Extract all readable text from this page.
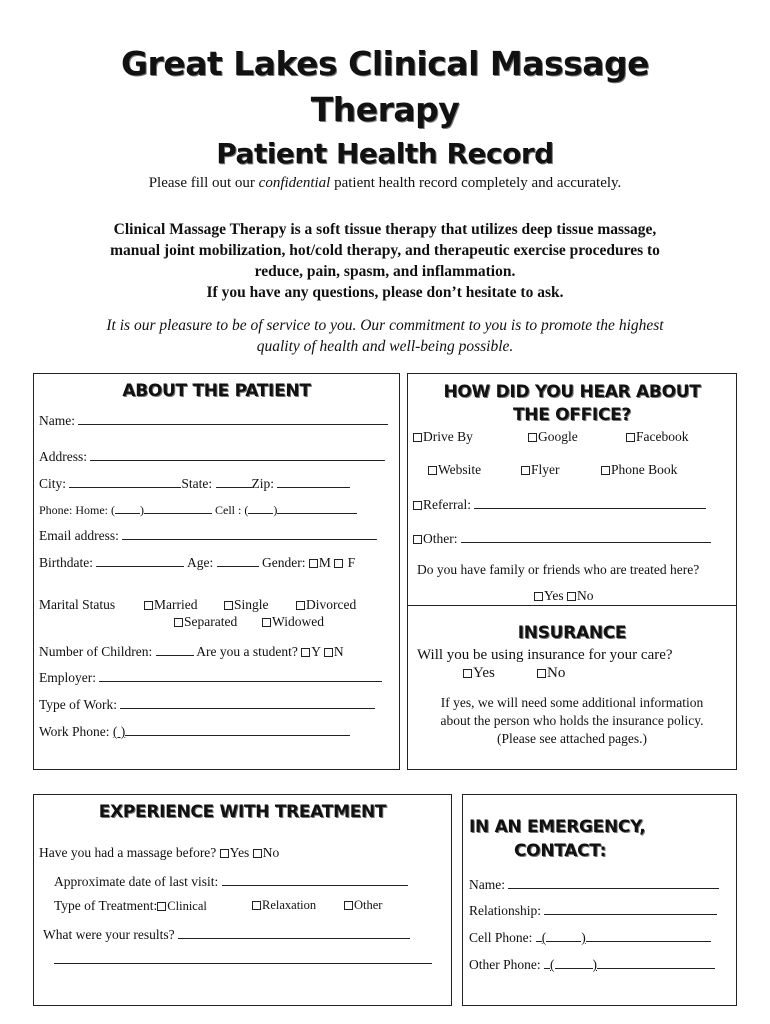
Great Lakes Clinical Massage
Therapy
Patient Health Record
Please fill out our confidential patient health record completely and accurately.
Clinical Massage Therapy is a soft tissue therapy that utilizes deep tissue massage,
manual joint mobilization, hot/cold therapy, and therapeutic exercise procedures to
reduce, pain, spasm, and inflammation.
If you have any questions, please don’t hesitate to ask.
It is our pleasure to be of service to you. Our commitment to you is to promote the highest
quality of health and well-being possible.
ABOUT THE PATIENT
Name:
Address:
City:	State:	Zip:
Phone: Home: ( )	Cell : ( )
Email address:
Birthdate:	Age:	Gender: M F
Marital Status	Married	Single	Divorced
Separated	Widowed
Number of Children:	Are you a student? Y N
Employer:
Type of Work:
Work Phone: ( )
HOW DID YOU HEAR ABOUT
THE OFFICE?
Drive By	Google	Facebook
Website	Flyer	Phone Book
Referral:
Other:
Do you have family or friends who are treated here?
Yes No
INSURANCE
Will you be using insurance for your care?
Yes	No
If yes, we will need some additional information
about the person who holds the insurance policy.
(Please see attached pages.)
EXPERIENCE WITH TREATMENT
Have you had a massage before? Yes No
Approximate date of last visit:
Type of Treatment: Clinical	Relaxation	Other
What were your results?
IN AN EMERGENCY,
CONTACT:
Name:
Relationship:
Cell Phone: (	)
Other Phone: (	)
